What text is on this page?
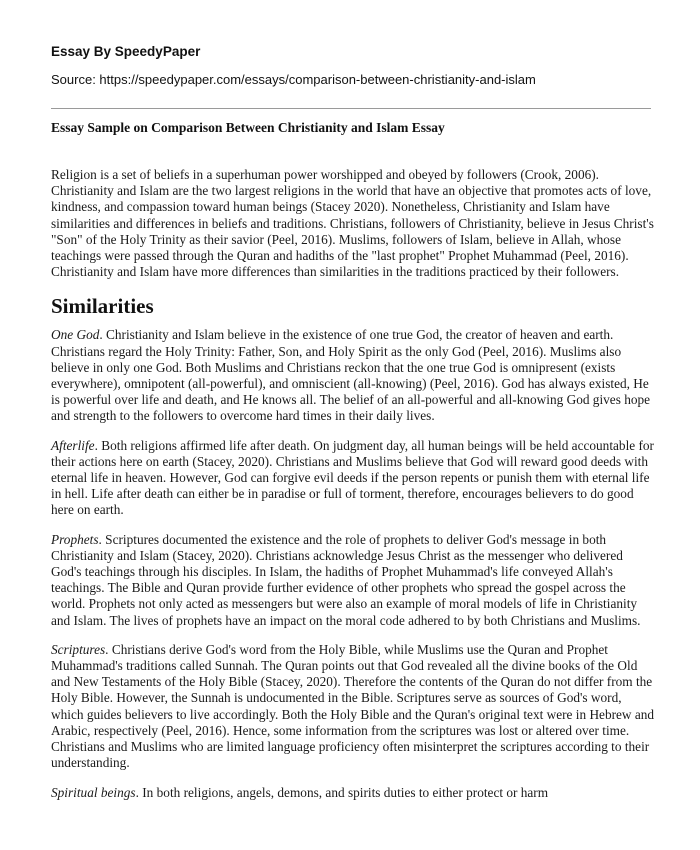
Essay By SpeedyPaper
Source: https://speedypaper.com/essays/comparison-between-christianity-and-islam
Essay Sample on Comparison Between Christianity and Islam Essay

Religion is a set of beliefs in a superhuman power worshipped and obeyed by followers (Crook, 2006). Christianity and Islam are the two largest religions in the world that have an objective that promotes acts of love, kindness, and compassion toward human beings (Stacey 2020). Nonetheless, Christianity and Islam have similarities and differences in beliefs and traditions. Christians, followers of Christianity, believe in Jesus Christ's "Son" of the Holy Trinity as their savior (Peel, 2016). Muslims, followers of Islam, believe in Allah, whose teachings were passed through the Quran and hadiths of the "last prophet" Prophet Muhammad (Peel, 2016). Christianity and Islam have more differences than similarities in the traditions practiced by their followers.

Similarities

One God. Christianity and Islam believe in the existence of one true God, the creator of heaven and earth. Christians regard the Holy Trinity: Father, Son, and Holy Spirit as the only God (Peel, 2016). Muslims also believe in only one God. Both Muslims and Christians reckon that the one true God is omnipresent (exists everywhere), omnipotent (all-powerful), and omniscient (all-knowing) (Peel, 2016). God has always existed, He is powerful over life and death, and He knows all. The belief of an all-powerful and all-knowing God gives hope and strength to the followers to overcome hard times in their daily lives.

Afterlife. Both religions affirmed life after death. On judgment day, all human beings will be held accountable for their actions here on earth (Stacey, 2020). Christians and Muslims believe that God will reward good deeds with eternal life in heaven. However, God can forgive evil deeds if the person repents or punish them with eternal life in hell. Life after death can either be in paradise or full of torment, therefore, encourages believers to do good here on earth.

Prophets. Scriptures documented the existence and the role of prophets to deliver God's message in both Christianity and Islam (Stacey, 2020). Christians acknowledge Jesus Christ as the messenger who delivered God's teachings through his disciples. In Islam, the hadiths of Prophet Muhammad's life conveyed Allah's teachings. The Bible and Quran provide further evidence of other prophets who spread the gospel across the world. Prophets not only acted as messengers but were also an example of moral models of life in Christianity and Islam. The lives of prophets have an impact on the moral code adhered to by both Christians and Muslims.

Scriptures. Christians derive God's word from the Holy Bible, while Muslims use the Quran and Prophet Muhammad's traditions called Sunnah. The Quran points out that God revealed all the divine books of the Old and New Testaments of the Holy Bible (Stacey, 2020). Therefore the contents of the Quran do not differ from the Holy Bible. However, the Sunnah is undocumented in the Bible. Scriptures serve as sources of God's word, which guides believers to live accordingly. Both the Holy Bible and the Quran's original text were in Hebrew and Arabic, respectively (Peel, 2016). Hence, some information from the scriptures was lost or altered over time. Christians and Muslims who are limited language proficiency often misinterpret the scriptures according to their understanding.

Spiritual beings. In both religions, angels, demons, and spirits duties to either protect or harm
